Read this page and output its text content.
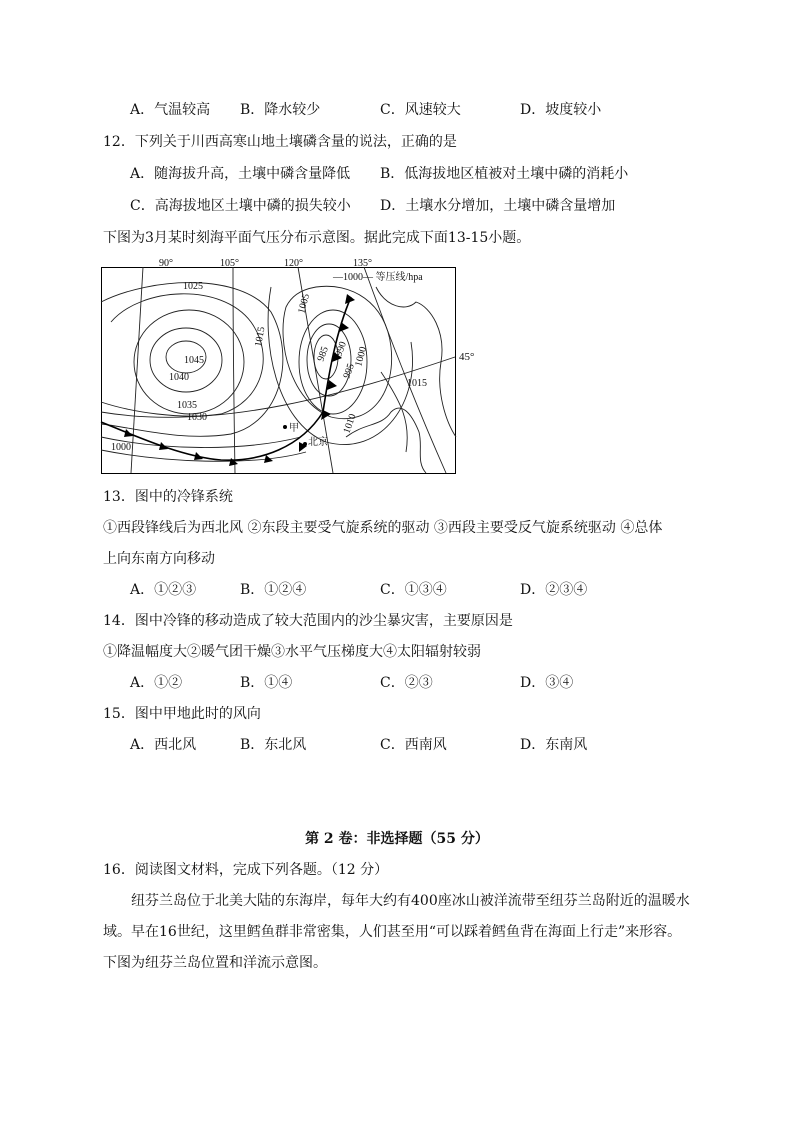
A．气温较高 B．降水较少	C．风速较大	D．坡度较小
12．下列关于川西高寒山地土壤磷含量的说法，正确的是
A．随海拔升高，土壤中磷含量降低 B．低海拔地区植被对土壤中磷的消耗小
C．高海拔地区土壤中磷的损失较小 D．土壤水分增加，土壤中磷含量增加
下图为3月某时刻海平面气压分布示意图。据此完成下面13-15小题。
90°	105°	120°	135°
—1000— 等压线/hpa
1025
1045
1040
1035
1030
1000
1015
1005
985 990
995
1000
1015
1010
甲
北京
45°
13．图中的冷锋系统
①西段锋线后为西北风 ②东段主要受气旋系统的驱动 ③西段主要受反气旋系统驱动 ④总体
上向东南方向移动
A．①②③	B．①②④	C．①③④	D．②③④
14．图中冷锋的移动造成了较大范围内的沙尘暴灾害，主要原因是
①降温幅度大②暖气团干燥③水平气压梯度大④太阳辐射较弱
A．①②	B．①④	C．②③	D．③④
15．图中甲地此时的风向
A．西北风	B．东北风	C．西南风	D．东南风
第 2 卷：非选择题（55 分）
16．阅读图文材料，完成下列各题。（12 分）
纽芬兰岛位于北美大陆的东海岸，每年大约有400座冰山被洋流带至纽芬兰岛附近的温暖水
域。早在16世纪，这里鳕鱼群非常密集，人们甚至用“可以踩着鳕鱼背在海面上行走”来形容。
下图为纽芬兰岛位置和洋流示意图。
